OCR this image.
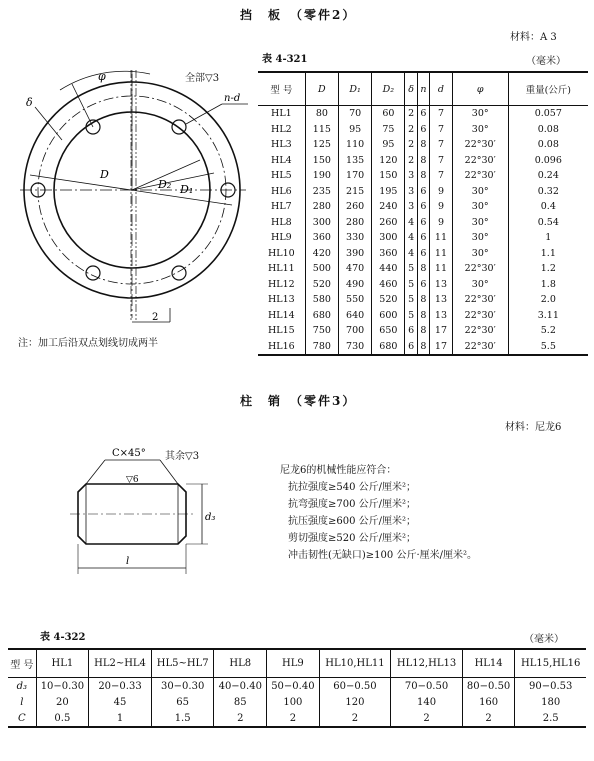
挡　板　（零件2）
材料：A 3
φ
δ	n-d
D
D₂ D₁
2
全部▽3
注：加工后沿双点划线切成两半
表 4-321	（毫米）
型 号	D	D₁	D₂	δ	n	d	φ	重量(公斤)
HL1	80	70	60	2	6	7	30°	0.057
HL2	115	95	75	2	6	7	30°	0.08
HL3	125	110	95	2	8	7	22°30′	0.08
HL4	150	135	120	2	8	7	22°30′	0.096
HL5	190	170	150	3	8	7	22°30′	0.24
HL6	235	215	195	3	6	9	30°	0.32
HL7	280	260	240	3	6	9	30°	0.4
HL8	300	280	260	4	6	9	30°	0.54
HL9	360	330	300	4	6	11	30°	1
HL10	420	390	360	4	6	11	30°	1.1
HL11	500	470	440	5	8	11	22°30′	1.2
HL12	520	490	460	5	6	13	30°	1.8
HL13	580	550	520	5	8	13	22°30′	2.0
HL14	680	640	600	5	8	13	22°30′	3.11
HL15	750	700	650	6	8	17	22°30′	5.2
HL16	780	730	680	6	8	17	22°30′	5.5
柱　销　（零件3）
材料：尼龙6
C×45°
▽6
d₃
l
其余▽3
尼龙6的机械性能应符合：
抗拉强度≥540 公斤/厘米²；
抗弯强度≥700 公斤/厘米²；
抗压强度≥600 公斤/厘米²；
剪切强度≥520 公斤/厘米²；
冲击韧性(无缺口)≥100 公斤·厘米/厘米²。
表 4-322	（毫米）
型 号	HL1	HL2~HL4	HL5~HL7	HL8	HL9	HL10,HL11	HL12,HL13	HL14	HL15,HL16
d₃	10−0.30	20−0.33	30−0.30	40−0.40	50−0.40	60−0.50	70−0.50	80−0.50	90−0.53
l	20	45	65	85	100	120	140	160	180
C	0.5	1	1.5	2	2	2	2	2	2.5
